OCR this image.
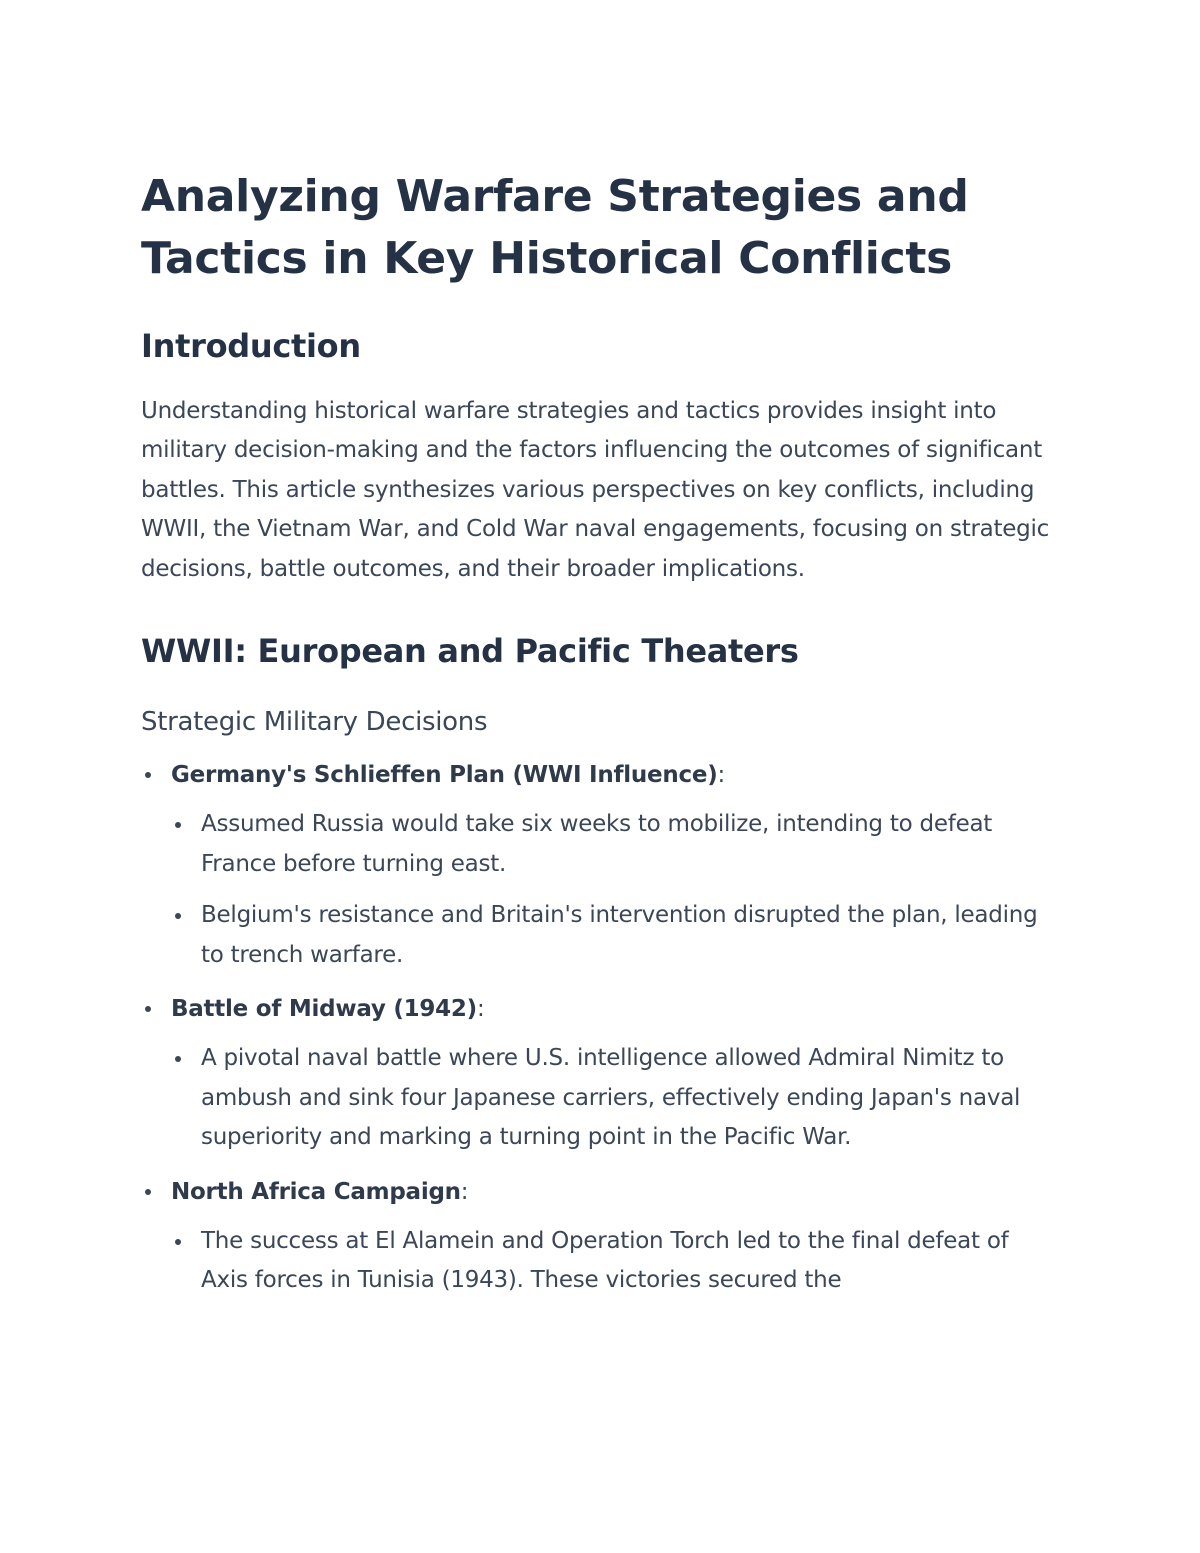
Analyzing Warfare Strategies and Tactics in Key Historical Conflicts
Introduction

Understanding historical warfare strategies and tactics provides insight into military decision-making and the factors influencing the outcomes of significant battles. This article synthesizes various perspectives on key conflicts, including WWII, the Vietnam War, and Cold War naval engagements, focusing on strategic decisions, battle outcomes, and their broader implications.

WWII: European and Pacific Theaters
Strategic Military Decisions
Germany's Schlieffen Plan (WWI Influence):
Assumed Russia would take six weeks to mobilize, intending to defeat France before turning east.
Belgium's resistance and Britain's intervention disrupted the plan, leading to trench warfare.
Battle of Midway (1942):
A pivotal naval battle where U.S. intelligence allowed Admiral Nimitz to ambush and sink four Japanese carriers, effectively ending Japan's naval superiority and marking a turning point in the Pacific War.
North Africa Campaign:
The success at El Alamein and Operation Torch led to the final defeat of Axis forces in Tunisia (1943). These victories secured the
